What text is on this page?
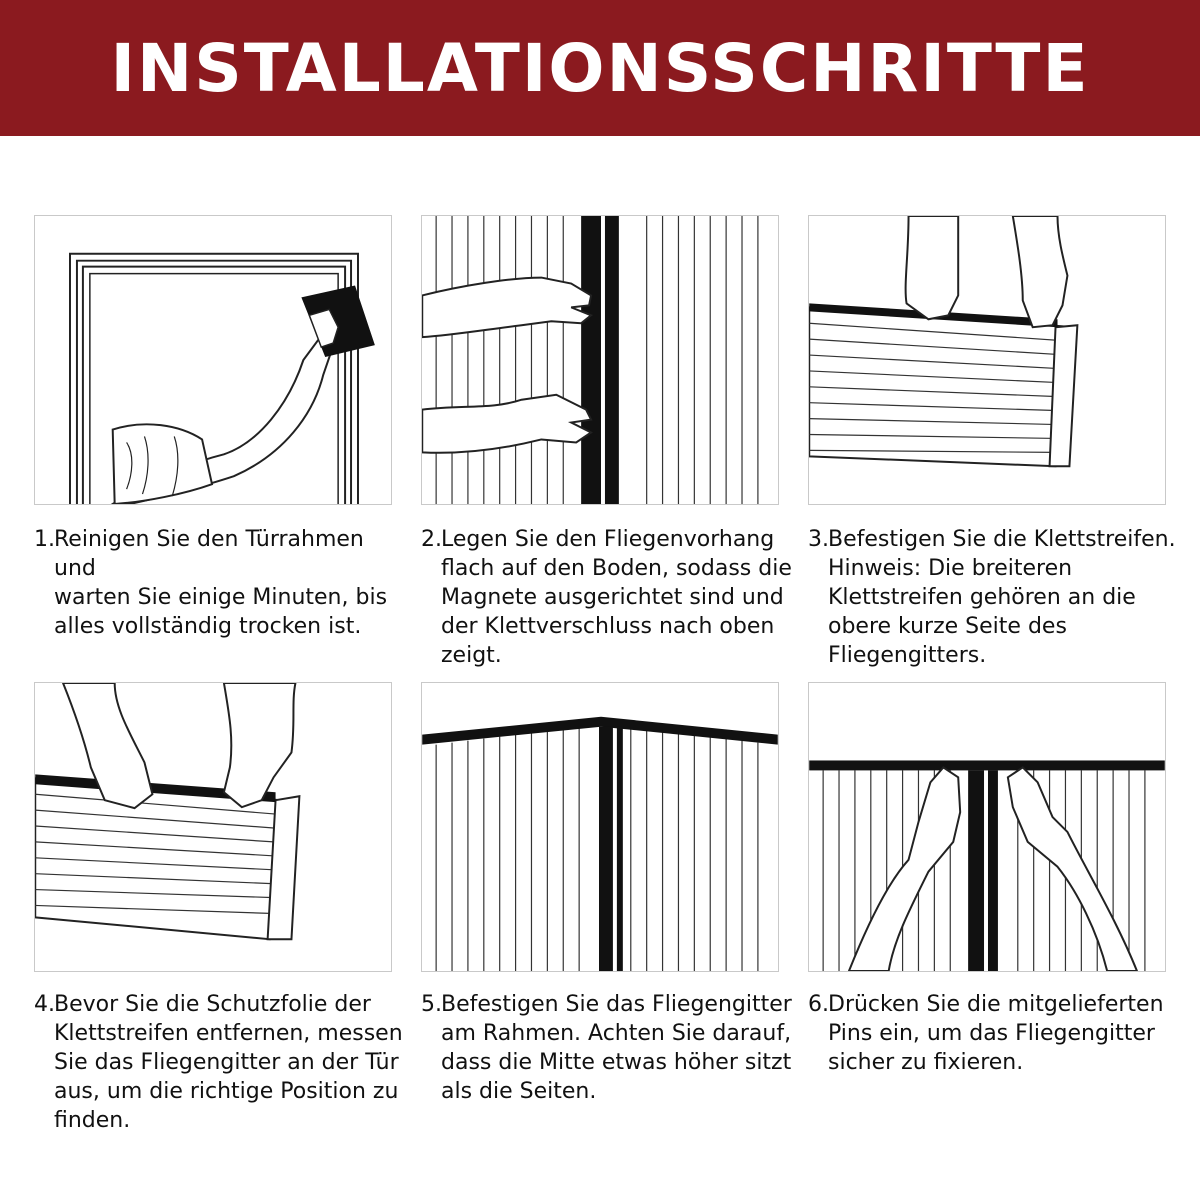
INSTALLATIONSSCHRITTE
1. Reinigen Sie den Türrahmen und
warten Sie einige Minuten, bis
alles vollständig trocken ist.
2. Legen Sie den Fliegenvorhang
flach auf den Boden, sodass die
Magnete ausgerichtet sind und
der Klettverschluss nach oben
zeigt.
3. Befestigen Sie die Klettstreifen.
Hinweis: Die breiteren
Klettstreifen gehören an die
obere kurze Seite des
Fliegengitters.
4. Bevor Sie die Schutzfolie der
Klettstreifen entfernen, messen
Sie das Fliegengitter an der Tür
aus, um die richtige Position zu
finden.
5. Befestigen Sie das Fliegengitter
am Rahmen. Achten Sie darauf,
dass die Mitte etwas höher sitzt
als die Seiten.
6. Drücken Sie die mitgelieferten
Pins ein, um das Fliegengitter
sicher zu fixieren.
